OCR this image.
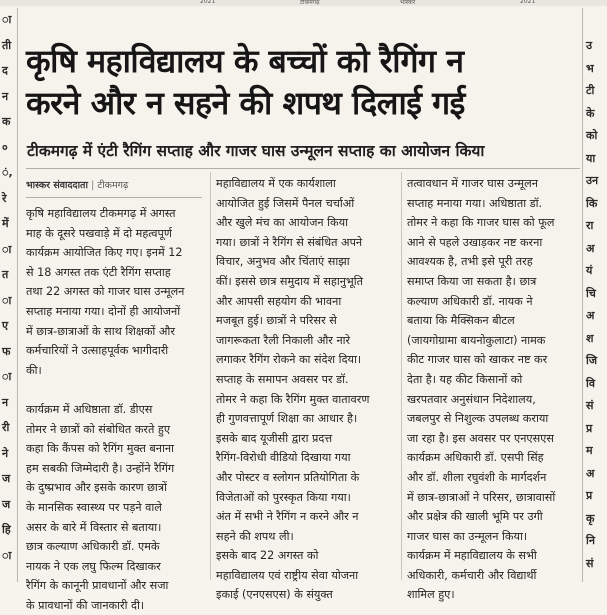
2021	टीकमगढ़	भास्कर	2021
ा
ती
द
न
क
०
ं,
रे
में
ा
त
ा
ए
फ
ा
न
री
ने
ज
ज
हि
ा
उ
भ
टी
के
को
या
उन
कि
रा
अ
यं
चि
अ
श
जि
वि
सं
प्र
म
अ
प्र
कृ
नि
सं
कृषि महाविद्यालय के बच्चों को रैगिंग न
करने और न सहने की शपथ दिलाई गई
टीकमगढ़ में एंटी रैगिंग सप्ताह और गाजर घास उन्मूलन सप्ताह का आयोजन किया
भास्कर संवाददाता | टीकमगढ़
कृषि महाविद्यालय टीकमगढ़ में अगस्त
माह के दूसरे पखवाड़े में दो महत्वपूर्ण
कार्यक्रम आयोजित किए गए। इनमें 12
से 18 अगस्त तक एंटी रैगिंग सप्ताह
तथा 22 अगस्त को गाजर घास उन्मूलन
सप्ताह मनाया गया। दोनों ही आयोजनों
में छात्र-छात्राओं के साथ शिक्षकों और
कर्मचारियों ने उत्साहपूर्वक भागीदारी
की।
कार्यक्रम में अधिष्ठाता डॉ. डीएस
तोमर ने छात्रों को संबोधित करते हुए
कहा कि कैंपस को रैगिंग मुक्त बनाना
हम सबकी जिम्मेदारी है। उन्होंने रैगिंग
के दुष्प्रभाव और इसके कारण छात्रों
के मानसिक स्वास्थ्य पर पड़ने वाले
असर के बारे में विस्तार से बताया।
छात्र कल्याण अधिकारी डॉ. एमके
नायक ने एक लघु फिल्म दिखाकर
रैगिंग के कानूनी प्रावधानों और सजा
के प्रावधानों की जानकारी दी।
महाविद्यालय में एक कार्यशाला
आयोजित हुई जिसमें पैनल चर्चाओं
और खुले मंच का आयोजन किया
गया। छात्रों ने रैगिंग से संबंधित अपने
विचार, अनुभव और चिंताएं साझा
कीं। इससे छात्र समुदाय में सहानुभूति
और आपसी सहयोग की भावना
मजबूत हुई। छात्रों ने परिसर से
जागरूकता रैली निकाली और नारे
लगाकर रैगिंग रोकने का संदेश दिया।
सप्ताह के समापन अवसर पर डॉ.
तोमर ने कहा कि रैगिंग मुक्त वातावरण
ही गुणवत्तापूर्ण शिक्षा का आधार है।
इसके बाद यूजीसी द्वारा प्रदत्त
रैगिंग-विरोधी वीडियो दिखाया गया
और पोस्टर व स्लोगन प्रतियोगिता के
विजेताओं को पुरस्कृत किया गया।
अंत में सभी ने रैगिंग न करने और न
सहने की शपथ ली।
इसके बाद 22 अगस्त को
महाविद्यालय एवं राष्ट्रीय सेवा योजना
इकाई (एनएसएस) के संयुक्त
तत्वावधान में गाजर घास उन्मूलन
सप्ताह मनाया गया। अधिष्ठाता डॉ.
तोमर ने कहा कि गाजर घास को फूल
आने से पहले उखाड़कर नष्ट करना
आवश्यक है, तभी इसे पूरी तरह
समाप्त किया जा सकता है। छात्र
कल्याण अधिकारी डॉ. नायक ने
बताया कि मैक्सिकन बीटल
(जायगोग्रामा बायनोकुलाटा) नामक
कीट गाजर घास को खाकर नष्ट कर
देता है। यह कीट किसानों को
खरपतवार अनुसंधान निदेशालय,
जबलपुर से निशुल्क उपलब्ध कराया
जा रहा है। इस अवसर पर एनएसएस
कार्यक्रम अधिकारी डॉ. एसपी सिंह
और डॉ. शीला रघुवंशी के मार्गदर्शन
में छात्र-छात्राओं ने परिसर, छात्रावासों
और प्रक्षेत्र की खाली भूमि पर उगी
गाजर घास का उन्मूलन किया।
कार्यक्रम में महाविद्यालय के सभी
अधिकारी, कर्मचारी और विद्यार्थी
शामिल हुए।
